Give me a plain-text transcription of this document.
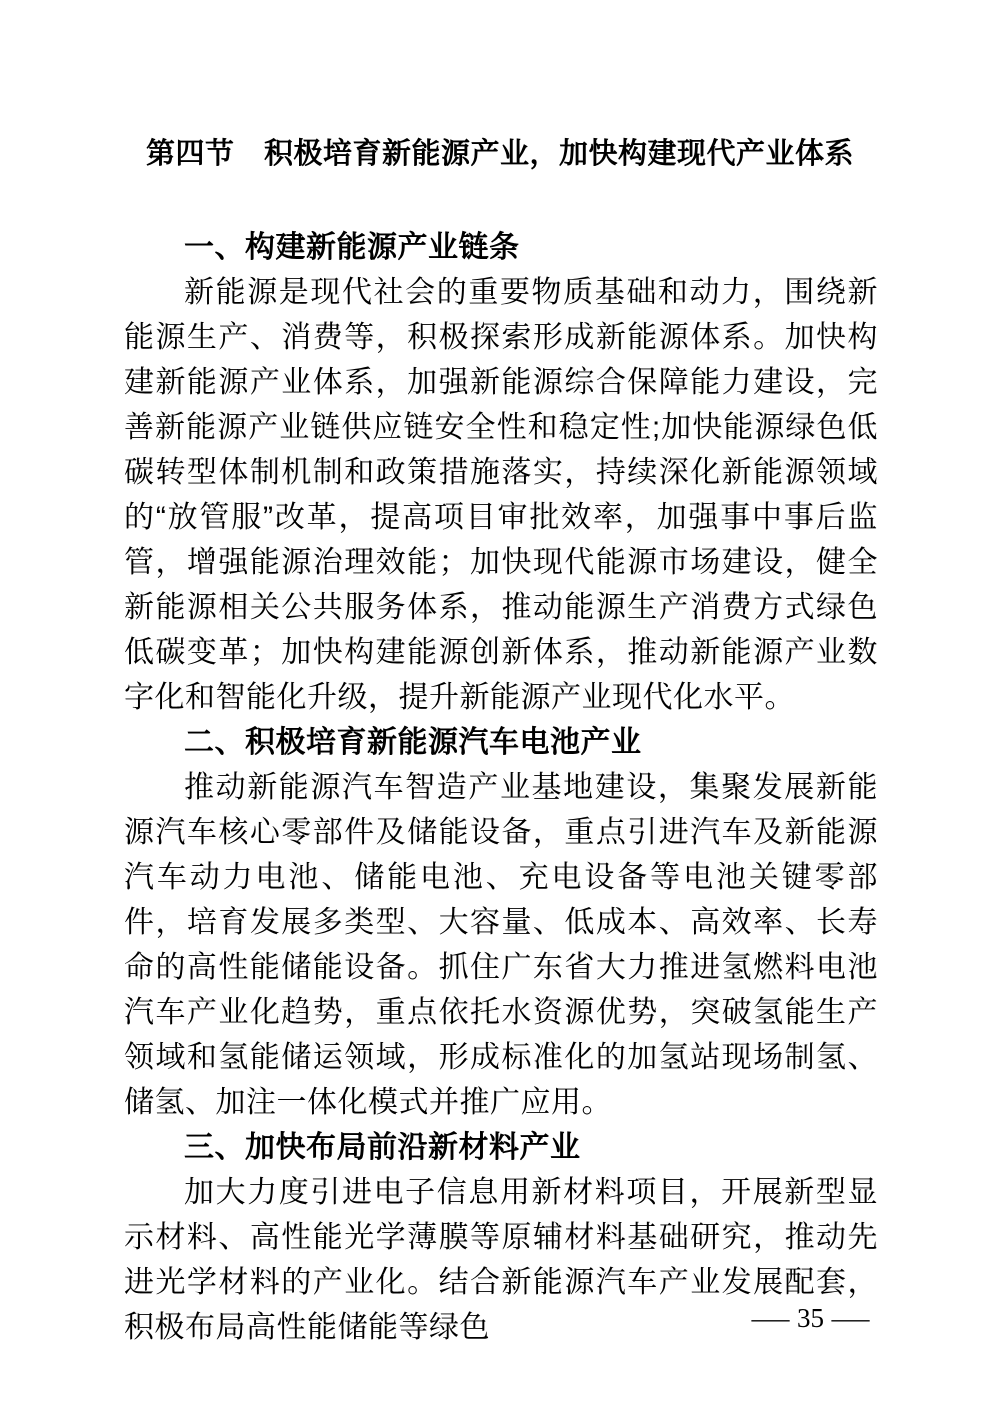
第四节　积极培育新能源产业，加快构建现代产业体系
一、构建新能源产业链条

新能源是现代社会的重要物质基础和动力，围绕新能源生产、消费等，积极探索形成新能源体系。加快构建新能源产业体系，加强新能源综合保障能力建设，完善新能源产业链供应链安全性和稳定性;加快能源绿色低碳转型体制机制和政策措施落实，持续深化新能源领域的“放管服”改革，提高项目审批效率，加强事中事后监管，增强能源治理效能；加快现代能源市场建设，健全新能源相关公共服务体系，推动能源生产消费方式绿色低碳变革；加快构建能源创新体系，推动新能源产业数字化和智能化升级，提升新能源产业现代化水平。

二、积极培育新能源汽车电池产业

推动新能源汽车智造产业基地建设，集聚发展新能源汽车核心零部件及储能设备，重点引进汽车及新能源汽车动力电池、储能电池、充电设备等电池关键零部件，培育发展多类型、大容量、低成本、高效率、长寿命的高性能储能设备。抓住广东省大力推进氢燃料电池汽车产业化趋势，重点依托水资源优势，突破氢能生产领域和氢能储运领域，形成标准化的加氢站现场制氢、储氢、加注一体化模式并推广应用。

三、加快布局前沿新材料产业

加大力度引进电子信息用新材料项目，开展新型显示材料、高性能光学薄膜等原辅材料基础研究，推动先进光学材料的产业化。结合新能源汽车产业发展配套，积极布局高性能储能等绿色	— 35 —
